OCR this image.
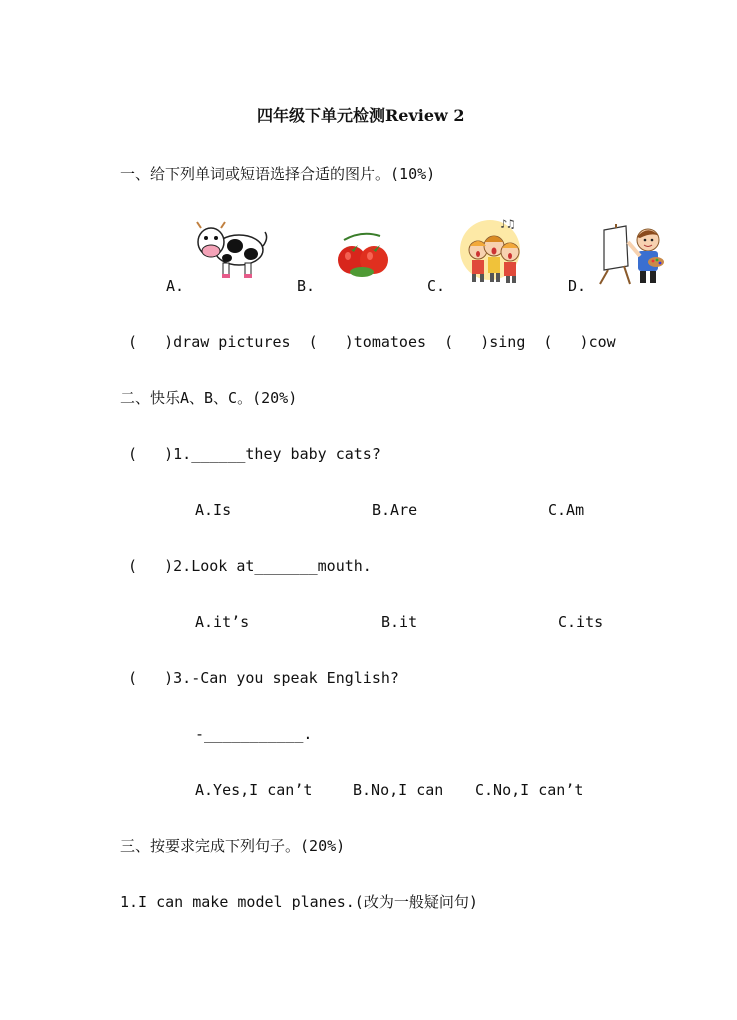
四年级下单元检测Review 2
一、给下列单词或短语选择合适的图片。(10%)
A.	B.
♪♫
C.	D.
(   )draw pictures  (   )tomatoes  (   )sing  (   )cow
二、快乐A、B、C。(20%)
(   )1.______they baby cats?
A.Is	B.Are	C.Am
(   )2.Look at_______mouth.
A.it’s	B.it	C.its
(   )3.-Can you speak English?
-___________.
A.Yes,I can’t	B.No,I can C.No,I can’t
三、按要求完成下列句子。(20%)
1.I can make model planes.(改为一般疑问句)
